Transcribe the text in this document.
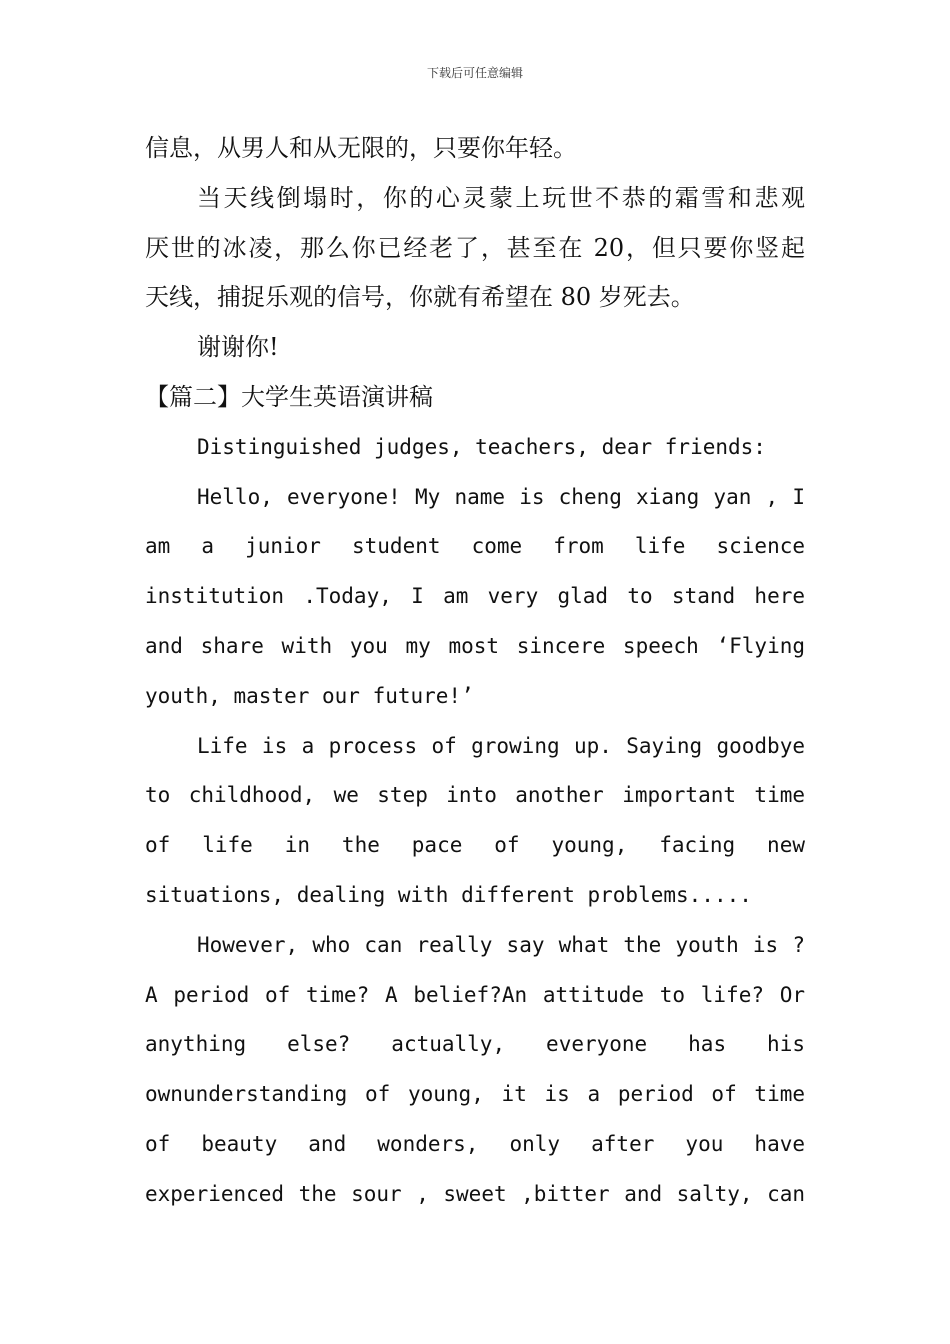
下载后可任意编辑
信息，从男人和从无限的，只要你年轻。
当天线倒塌时，你的心灵蒙上玩世不恭的霜雪和悲观
厌世的冰凌，那么你已经老了，甚至在 20，但只要你竖起
天线，捕捉乐观的信号，你就有希望在 80 岁死去。
谢谢你!
【篇二】大学生英语演讲稿
Distinguished judges, teachers, dear friends:
Hello, everyone! My name is cheng xiang yan , I
am a junior student come from life science
institution .Today, I am very glad to stand here
and share with you my most sincere speech ‘Flying
youth, master our future!’
Life is a process of growing up. Saying goodbye
to childhood, we step into another important time
of life in the pace of young, facing new
situations, dealing with different problems.....
However, who can really say what the youth is ?
A period of time? A belief?An attitude to life? Or
anything else? actually, everyone has his
ownunderstanding of young, it is a period of time
of beauty and wonders, only after you have
experienced the sour , sweet ,bitter and salty, can
